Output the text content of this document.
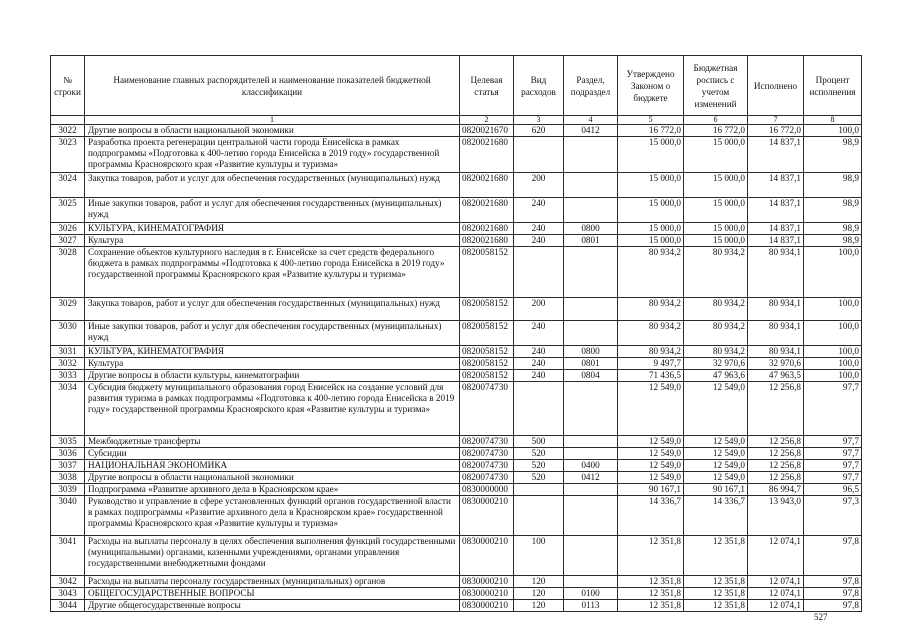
№ строки	Наименование главных распорядителей и наименование показателей бюджетной классификации	Целевая статья	Вид расходов	Раздел, подраздел	Утверждено Законом о бюджете	Бюджетная роспись с учетом изменений	Исполнено	Процент исполнения
	1	2	3	4	5	6	7	8
3022	Другие вопросы в области национальной экономики	0820021670	620	0412	16 772,0	16 772,0	16 772,0	100,0
3023	Разработка проекта регенерации центральной части города Енисейска в рамках подпрограммы «Подготовка к 400-летию города Енисейска в 2019 году» государственной программы Красноярского края «Развитие культуры и туризма»	0820021680			15 000,0	15 000,0	14 837,1	98,9
3024	Закупка товаров, работ и услуг для обеспечения государственных (муниципальных) нужд	0820021680	200		15 000,0	15 000,0	14 837,1	98,9
3025	Иные закупки товаров, работ и услуг для обеспечения государственных (муниципальных) нужд	0820021680	240		15 000,0	15 000,0	14 837,1	98,9
3026	КУЛЬТУРА, КИНЕМАТОГРАФИЯ	0820021680	240	0800	15 000,0	15 000,0	14 837,1	98,9
3027	Культура	0820021680	240	0801	15 000,0	15 000,0	14 837,1	98,9
3028	Сохранение объектов культурного наследия в г. Енисейске за счет средств федерального бюджета в рамках подпрограммы «Подготовка к 400-летию города Енисейска в 2019 году» государственной программы Красноярского края «Развитие культуры и туризма»	0820058152			80 934,2	80 934,2	80 934,1	100,0
3029	Закупка товаров, работ и услуг для обеспечения государственных (муниципальных) нужд	0820058152	200		80 934,2	80 934,2	80 934,1	100,0
3030	Иные закупки товаров, работ и услуг для обеспечения государственных (муниципальных) нужд	0820058152	240		80 934,2	80 934,2	80 934,1	100,0
3031	КУЛЬТУРА, КИНЕМАТОГРАФИЯ	0820058152	240	0800	80 934,2	80 934,2	80 934,1	100,0
3032	Культура	0820058152	240	0801	9 497,7	32 970,6	32 970,6	100,0
3033	Другие вопросы в области культуры, кинематографии	0820058152	240	0804	71 436,5	47 963,6	47 963,5	100,0
3034	Субсидия бюджету муниципального образования город Енисейск на создание условий для развития туризма в рамках подпрограммы «Подготовка к 400-летию города Енисейска в 2019 году» государственной программы Красноярского края «Развитие культуры и туризма»	0820074730			12 549,0	12 549,0	12 256,8	97,7
3035	Межбюджетные трансферты	0820074730	500		12 549,0	12 549,0	12 256,8	97,7
3036	Субсидии	0820074730	520		12 549,0	12 549,0	12 256,8	97,7
3037	НАЦИОНАЛЬНАЯ ЭКОНОМИКА	0820074730	520	0400	12 549,0	12 549,0	12 256,8	97,7
3038	Другие вопросы в области национальной экономики	0820074730	520	0412	12 549,0	12 549,0	12 256,8	97,7
3039	Подпрограмма «Развитие архивного дела в Красноярском крае»	0830000000			90 167,1	90 167,1	86 994,7	96,5
3040	Руководство и управление в сфере установленных функций органов государственной власти в рамках подпрограммы «Развитие архивного дела в Красноярском крае» государственной программы Красноярского края «Развитие культуры и туризма»	0830000210			14 336,7	14 336,7	13 943,0	97,3
3041	Расходы на выплаты персоналу в целях обеспечения выполнения функций государственными (муниципальными) органами, казенными учреждениями, органами управления государственными внебюджетными фондами	0830000210	100		12 351,8	12 351,8	12 074,1	97,8
3042	Расходы на выплаты персоналу государственных (муниципальных) органов	0830000210	120		12 351,8	12 351,8	12 074,1	97,8
3043	ОБЩЕГОСУДАРСТВЕННЫЕ ВОПРОСЫ	0830000210	120	0100	12 351,8	12 351,8	12 074,1	97,8
3044	Другие общегосударственные вопросы	0830000210	120	0113	12 351,8	12 351,8	12 074,1	97,8
527
